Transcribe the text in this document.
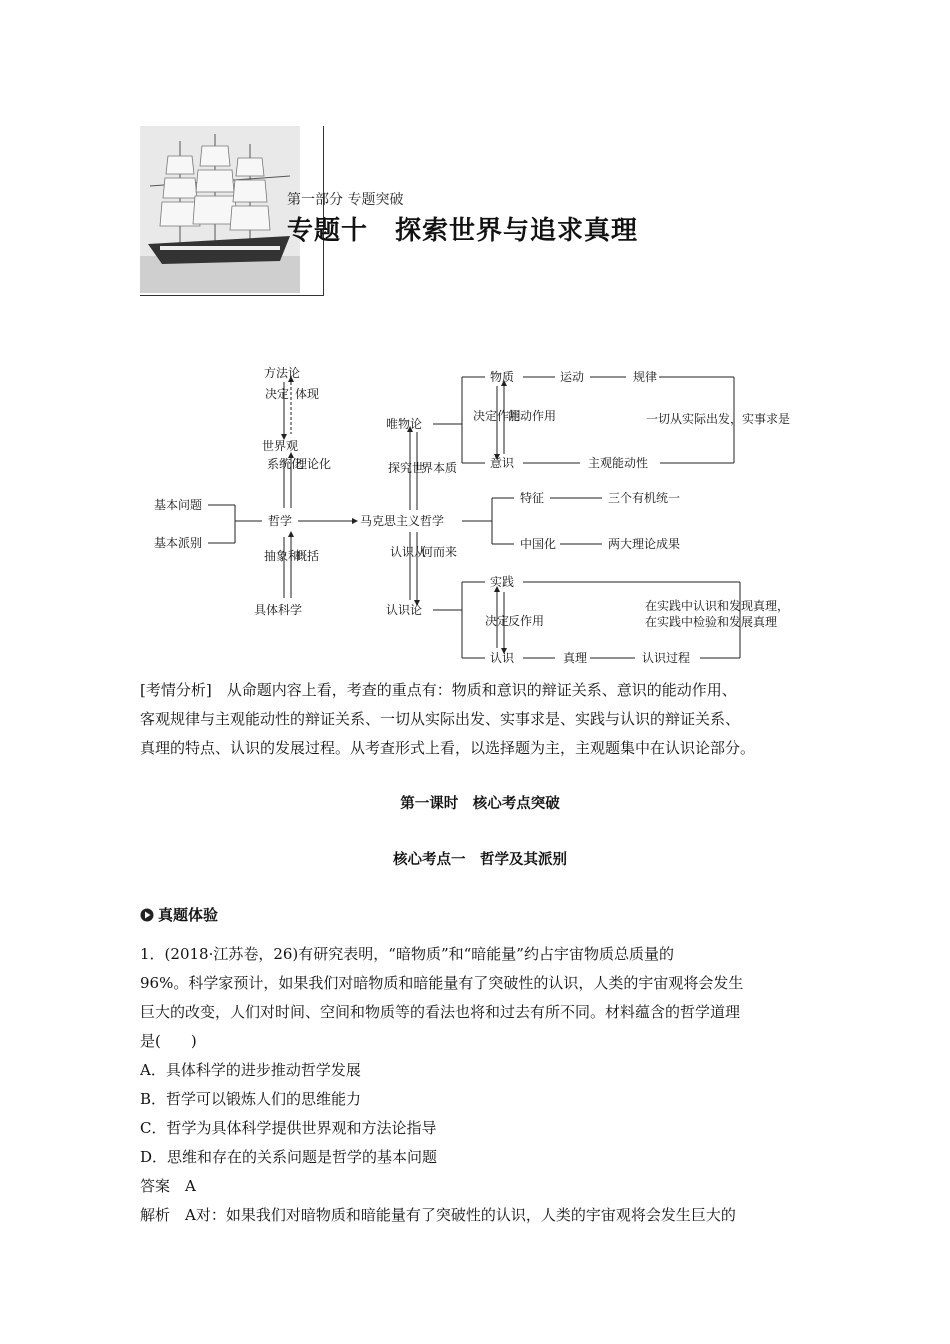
第一部分 专题突破
专题十　探索世界与追求真理
方法论
决定 体现
世界观
系统化
理论化
基本问题
基本派别
哲学
抽象和
概括
具体科学
马克思主义哲学
唯物论
探究世
界本质
认识从
何而来
认识论
物质	运动	规律
决定作用
能动作用
意识	主观能动性
一切从实际出发，实事求是
特征	三个有机统一
中国化	两大理论成果
实践
决定
反作用
认识	真理	认识过程
在实践中认识和发现真理，
在实践中检验和发展真理
[考情分析]　从命题内容上看，考查的重点有：物质和意识的辩证关系、意识的能动作用、
客观规律与主观能动性的辩证关系、一切从实际出发、实事求是、实践与认识的辩证关系、
真理的特点、认识的发展过程。从考查形式上看，以选择题为主，主观题集中在认识论部分。
第一课时　核心考点突破
核心考点一　哲学及其派别
真题体验
1．(2018·江苏卷，26)有研究表明，“暗物质”和“暗能量”约占宇宙物质总质量的
96%。科学家预计，如果我们对暗物质和暗能量有了突破性的认识，人类的宇宙观将会发生
巨大的改变，人们对时间、空间和物质等的看法也将和过去有所不同。材料蕴含的哲学道理
是(　　)
A．具体科学的进步推动哲学发展
B．哲学可以锻炼人们的思维能力
C．哲学为具体科学提供世界观和方法论指导
D．思维和存在的关系问题是哲学的基本问题
答案　A
解析　A对：如果我们对暗物质和暗能量有了突破性的认识，人类的宇宙观将会发生巨大的
